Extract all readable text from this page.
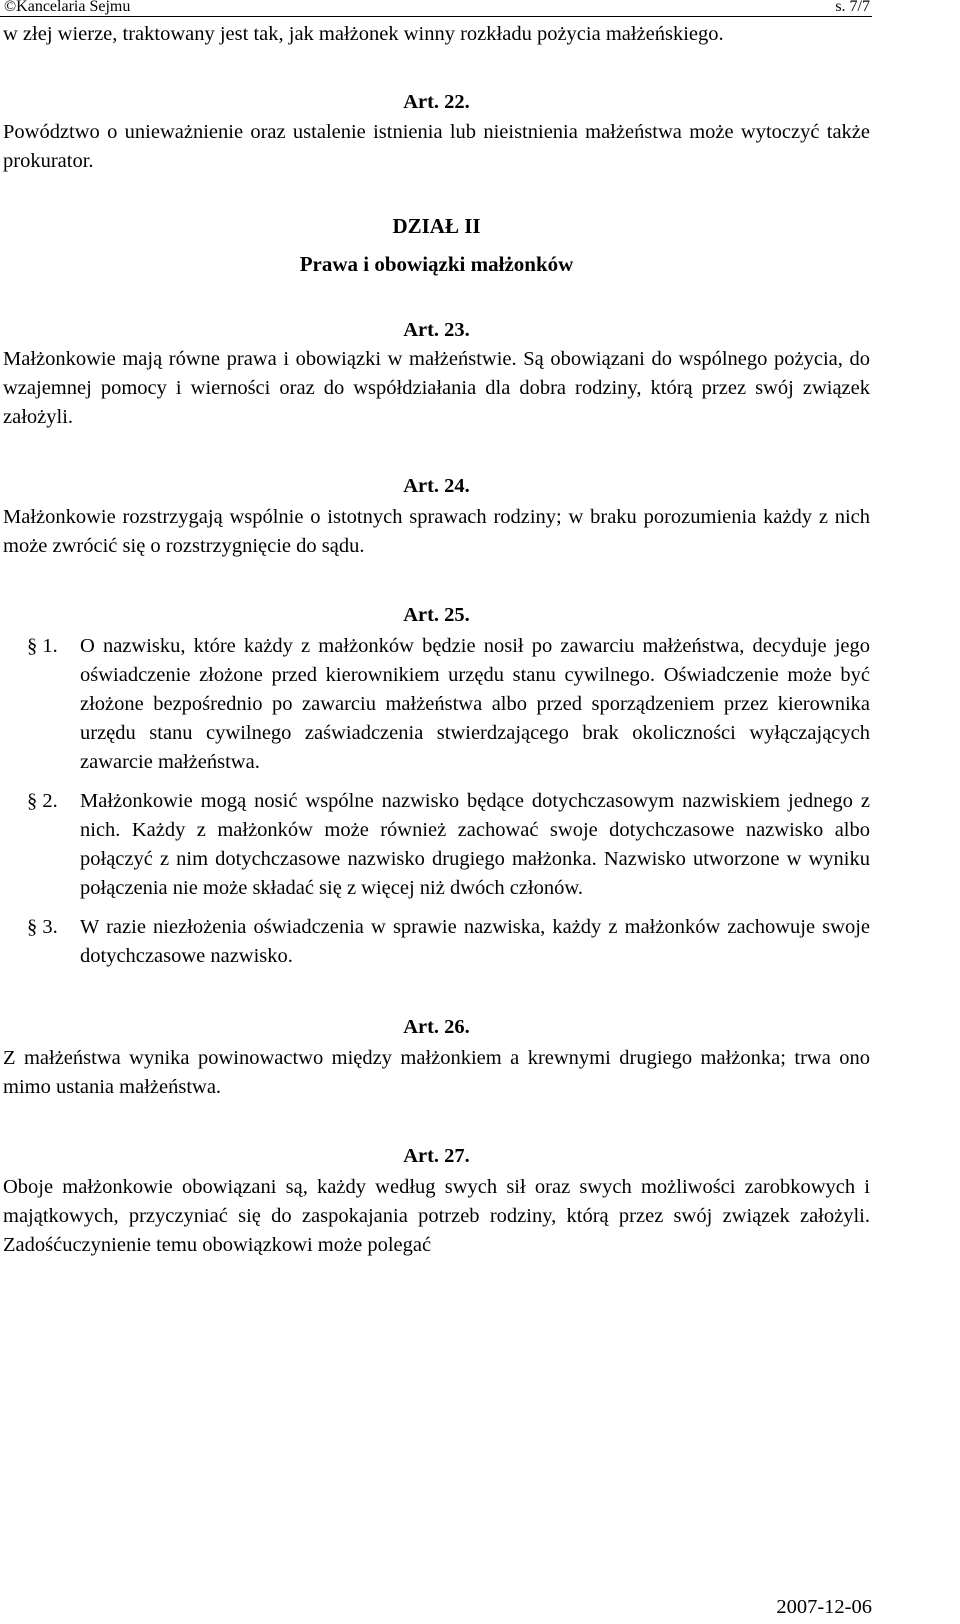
©Kancelaria Sejmu	s. 7/7

w złej wierze, traktowany jest tak, jak małżonek winny rozkładu pożycia małżeńskiego.

Art. 22.

Powództwo o unieważnienie oraz ustalenie istnienia lub nieistnienia małżeństwa może wytoczyć także prokurator.

DZIAŁ II

Prawa i obowiązki małżonków

Art. 23.

Małżonkowie mają równe prawa i obowiązki w małżeństwie. Są obowiązani do wspólnego pożycia, do wzajemnej pomocy i wierności oraz do współdziałania dla dobra rodziny, którą przez swój związek założyli.

Art. 24.

Małżonkowie rozstrzygają wspólnie o istotnych sprawach rodziny; w braku porozumienia każdy z nich może zwrócić się o rozstrzygnięcie do sądu.

Art. 25.

§ 1.	O nazwisku, które każdy z małżonków będzie nosił po zawarciu małżeństwa, decyduje jego oświadczenie złożone przed kierownikiem urzędu stanu cywilnego. Oświadczenie może być złożone bezpośrednio po zawarciu małżeństwa albo przed sporządzeniem przez kierownika urzędu stanu cywilnego zaświadczenia stwierdzającego brak okoliczności wyłączających zawarcie małżeństwa.
§ 2.	Małżonkowie mogą nosić wspólne nazwisko będące dotychczasowym nazwiskiem jednego z nich. Każdy z małżonków może również zachować swoje dotychczasowe nazwisko albo połączyć z nim dotychczasowe nazwisko drugiego małżonka. Nazwisko utworzone w wyniku połączenia nie może składać się z więcej niż dwóch członów.
§ 3.	W razie niezłożenia oświadczenia w sprawie nazwiska, każdy z małżonków zachowuje swoje dotychczasowe nazwisko.

Art. 26.

Z małżeństwa wynika powinowactwo między małżonkiem a krewnymi drugiego małżonka; trwa ono mimo ustania małżeństwa.

Art. 27.

Oboje małżonkowie obowiązani są, każdy według swych sił oraz swych możliwości zarobkowych i majątkowych, przyczyniać się do zaspokajania potrzeb rodziny, którą przez swój związek założyli. Zadośćuczynienie temu obowiązkowi może polegać

2007-12-06
